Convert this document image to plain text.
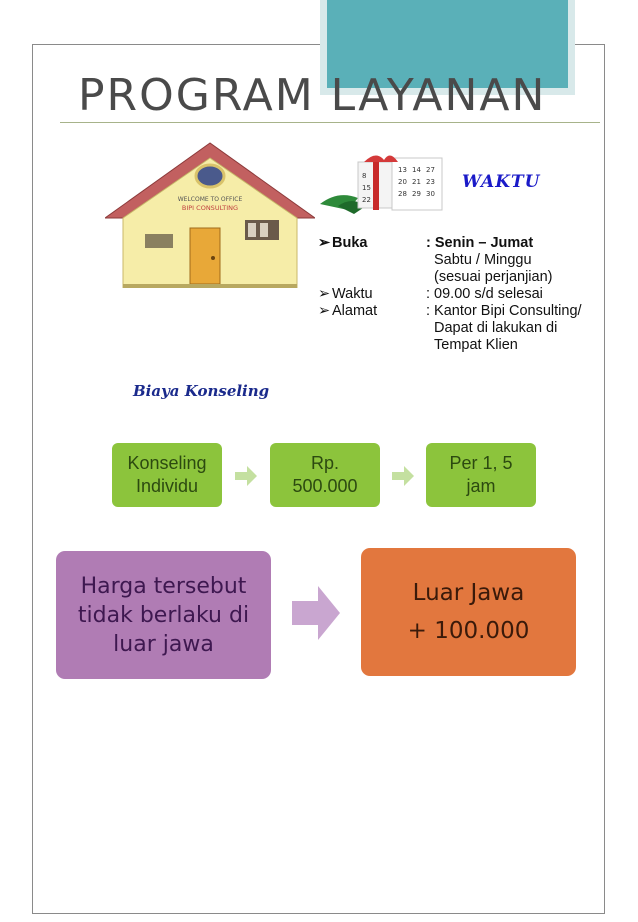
PROGRAM LAYANAN
WELCOME TO OFFICE
BIPI CONSULTING
13 14 27
20 21 23
28 29 30
8
15
22
WAKTU
➢ Buka	: Senin – Jumat
Sabtu / Minggu
(sesuai perjanjian)
➢ Waktu	: 09.00 s/d selesai
➢ Alamat	: Kantor Bipi Consulting/
Dapat di lakukan di
Tempat Klien
Biaya Konseling
Konseling
Individu
Rp.
500.000
Per 1, 5
jam
Harga tersebut
tidak berlaku di
luar jawa
Luar Jawa
+ 100.000
